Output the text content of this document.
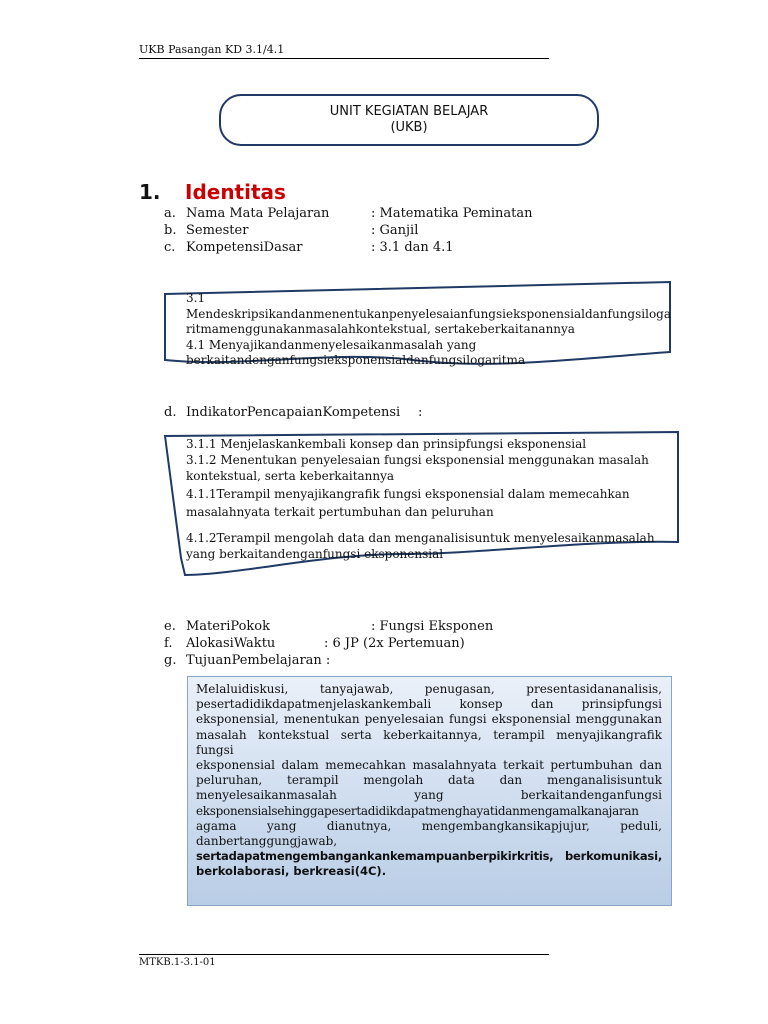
UKB Pasangan KD 3.1/4.1
UNIT KEGIATAN BELAJAR
(UKB)
1. Identitas
a. Nama Mata Pelajaran	: Matematika Peminatan
b. Semester	: Ganjil
c. KompetensiDasar	: 3.1 dan 4.1
3.1
Mendeskripsikandanmenentukanpenyelesaianfungsieksponensialdanfungsiloga
ritmamenggunakanmasalahkontekstual, sertakeberkaitanannya
4.1 Menyajikandanmenyelesaikanmasalah yang
berkaitandenganfungsieksponensialdanfungsilogaritma
d. IndikatorPencapaianKompetensi :
3.1.1 Menjelaskankembali konsep dan prinsipfungsi eksponensial
3.1.2 Menentukan penyelesaian fungsi eksponensial menggunakan masalah
kontekstual, serta keberkaitannya
4.1.1Terampil menyajikangrafik fungsi eksponensial dalam memecahkan
masalahnyata terkait pertumbuhan dan peluruhan
4.1.2Terampil mengolah data dan menganalisisuntuk menyelesaikanmasalah
yang berkaitandenganfungsi eksponensial
e. MateriPokok	: Fungsi Eksponen
f. AlokasiWaktu	: 6 JP (2x Pertemuan)
g. TujuanPembelajaran :
Melaluidiskusi, tanyajawab, penugasan, presentasidananalisis,
pesertadidikdapatmenjelaskankembali konsep dan prinsipfungsi
eksponensial, menentukan penyelesaian fungsi eksponensial menggunakan
masalah kontekstual serta keberkaitannya, terampil menyajikangrafik fungsi
eksponensial dalam memecahkan masalahnyata terkait pertumbuhan dan
peluruhan, terampil mengolah data dan menganalisisuntuk
menyelesaikanmasalah yang berkaitandenganfungsi
eksponensialsehinggapesertadidikdapatmenghayatidanmengamalkanajaran
agama yang dianutnya, mengembangkansikapjujur, peduli,
danbertanggungjawab,
sertadapatmengembangankankemampuanberpikirkritis, berkomunikasi,
berkolaborasi, berkreasi(4C).
MTKB.1-3.1-01
